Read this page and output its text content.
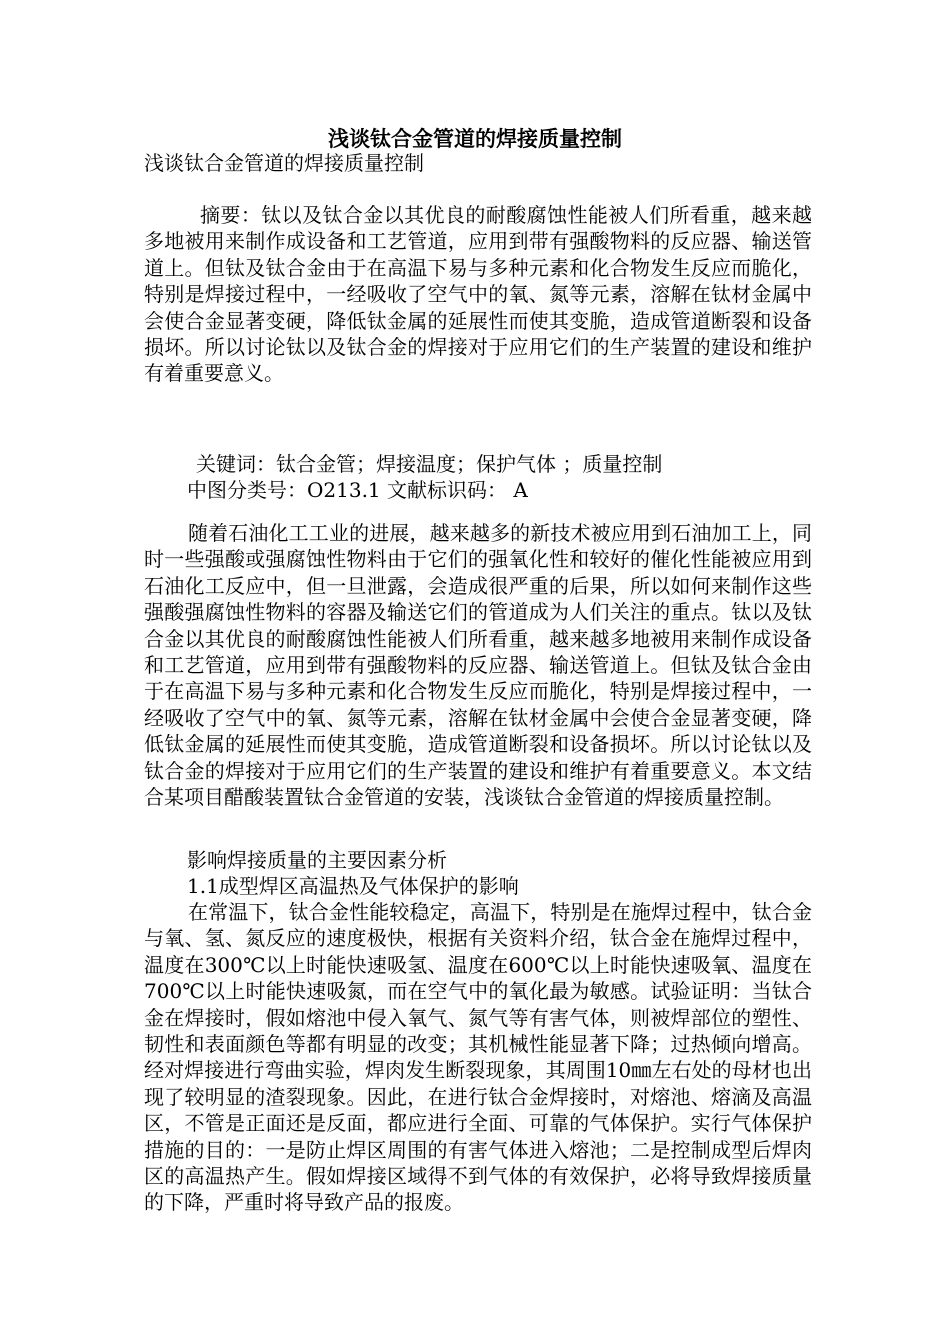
浅谈钛合金管道的焊接质量控制
浅谈钛合金管道的焊接质量控制

摘要：钛以及钛合金以其优良的耐酸腐蚀性能被人们所看重，越来越多地被用来制作成设备和工艺管道，应用到带有强酸物料的反应器、输送管道上。但钛及钛合金由于在高温下易与多种元素和化合物发生反应而脆化，特别是焊接过程中，一经吸收了空气中的氧、氮等元素，溶解在钛材金属中会使合金显著变硬，降低钛金属的延展性而使其变脆，造成管道断裂和设备损坏。所以讨论钛以及钛合金的焊接对于应用它们的生产装置的建设和维护有着重要意义。

关键词：钛合金管；焊接温度；保护气体 ；质量控制
中图分类号：O213.1 文献标识码： A

随着石油化工工业的进展，越来越多的新技术被应用到石油加工上，同时一些强酸或强腐蚀性物料由于它们的强氧化性和较好的催化性能被应用到石油化工反应中，但一旦泄露，会造成很严重的后果，所以如何来制作这些强酸强腐蚀性物料的容器及输送它们的管道成为人们关注的重点。钛以及钛合金以其优良的耐酸腐蚀性能被人们所看重，越来越多地被用来制作成设备和工艺管道，应用到带有强酸物料的反应器、输送管道上。但钛及钛合金由于在高温下易与多种元素和化合物发生反应而脆化，特别是焊接过程中，一经吸收了空气中的氧、氮等元素，溶解在钛材金属中会使合金显著变硬，降低钛金属的延展性而使其变脆，造成管道断裂和设备损坏。所以讨论钛以及钛合金的焊接对于应用它们的生产装置的建设和维护有着重要意义。本文结合某项目醋酸装置钛合金管道的安装，浅谈钛合金管道的焊接质量控制。

影响焊接质量的主要因素分析
1.1成型焊区高温热及气体保护的影响

在常温下，钛合金性能较稳定，高温下，特别是在施焊过程中，钛合金与氧、氢、氮反应的速度极快，根据有关资料介绍，钛合金在施焊过程中，温度在300℃以上时能快速吸氢、温度在600℃以上时能快速吸氧、温度在700℃以上时能快速吸氮，而在空气中的氧化最为敏感。试验证明：当钛合金在焊接时，假如熔池中侵入氧气、氮气等有害气体，则被焊部位的塑性、韧性和表面颜色等都有明显的改变；其机械性能显著下降；过热倾向增高。经对焊接进行弯曲实验，焊肉发生断裂现象，其周围10㎜左右处的母材也出现了较明显的渣裂现象。因此，在进行钛合金焊接时，对熔池、熔滴及高温区，不管是正面还是反面，都应进行全面、可靠的气体保护。实行气体保护措施的目的：一是防止焊区周围的有害气体进入熔池；二是控制成型后焊肉区的高温热产生。假如焊接区域得不到气体的有效保护，必将导致焊接质量的下降，严重时将导致产品的报废。
